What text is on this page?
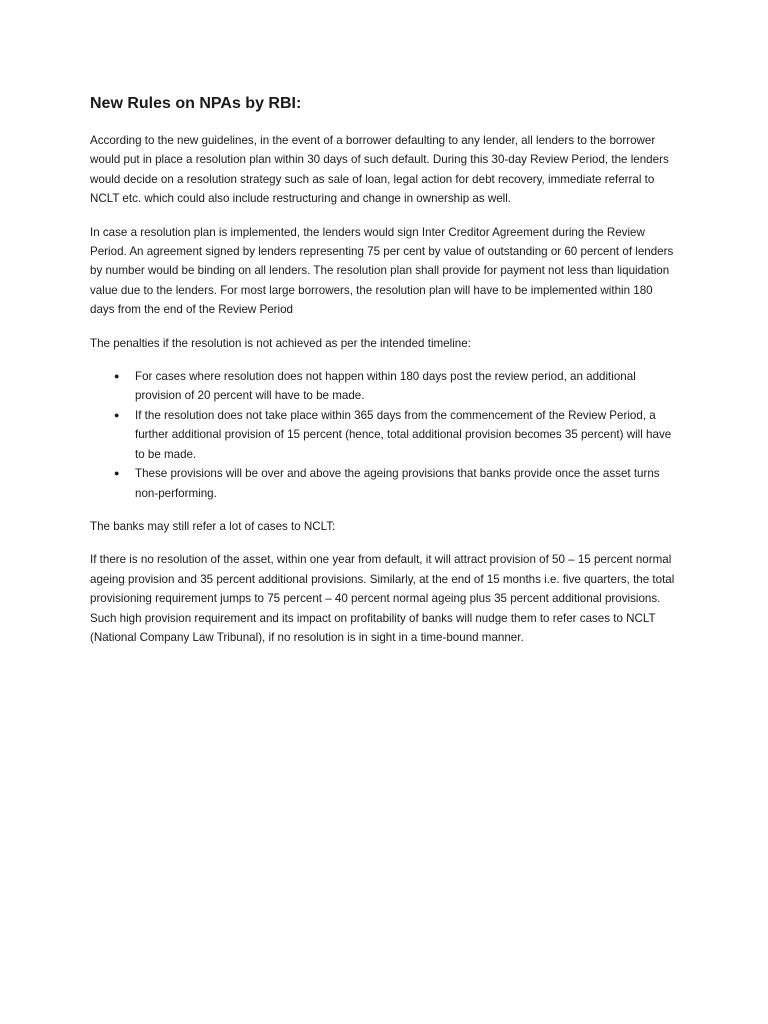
New Rules on NPAs by RBI:

According to the new guidelines, in the event of a borrower defaulting to any lender, all lenders to the borrower would put in place a resolution plan within 30 days of such default. During this 30-day Review Period, the lenders would decide on a resolution strategy such as sale of loan, legal action for debt recovery, immediate referral to NCLT etc. which could also include restructuring and change in ownership as well.

In case a resolution plan is implemented, the lenders would sign Inter Creditor Agreement during the Review Period. An agreement signed by lenders representing 75 per cent by value of outstanding or 60 percent of lenders by number would be binding on all lenders. The resolution plan shall provide for payment not less than liquidation value due to the lenders. For most large borrowers, the resolution plan will have to be implemented within 180 days from the end of the Review Period

The penalties if the resolution is not achieved as per the intended timeline:

● For cases where resolution does not happen within 180 days post the review period, an additional provision of 20 percent will have to be made.
● If the resolution does not take place within 365 days from the commencement of the Review Period, a further additional provision of 15 percent (hence, total additional provision becomes 35 percent) will have to be made.
● These provisions will be over and above the ageing provisions that banks provide once the asset turns non-performing.

The banks may still refer a lot of cases to NCLT:

If there is no resolution of the asset, within one year from default, it will attract provision of 50 – 15 percent normal ageing provision and 35 percent additional provisions. Similarly, at the end of 15 months i.e. five quarters, the total provisioning requirement jumps to 75 percent – 40 percent normal ageing plus 35 percent additional provisions. Such high provision requirement and its impact on profitability of banks will nudge them to refer cases to NCLT (National Company Law Tribunal), if no resolution is in sight in a time-bound manner.
